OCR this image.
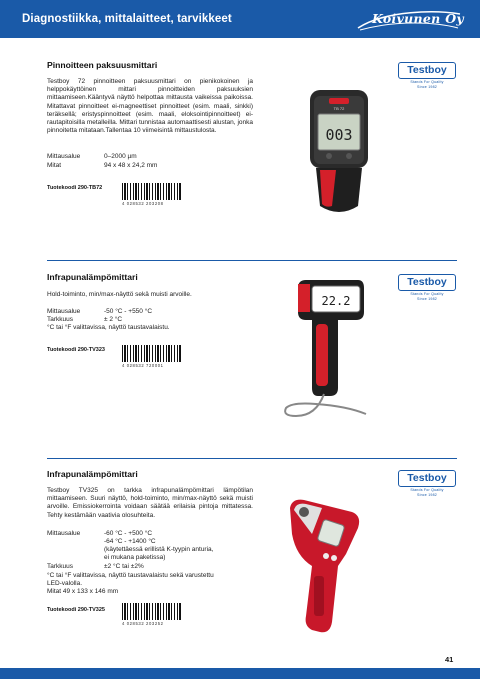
Diagnostiikka, mittalaitteet, tarvikkeet	Koivunen Oy
Pinnoitteen paksuusmittari
Testboy 72 pinnoitteen paksuusmittari on pienikokoinen ja helppokäyttöinen mittari pinnoitteiden paksuuksien mittaamiseen.Kääntyvä näyttö helpottaa mittausta vaikeissa paikoissa. Mitattavat pinnoitteet ei-magneettiset pinnoitteet (esim. maali, sinkki) teräksellä; eristyspinnoitteet (esim. maali, eloksointipinnoitteet) ei-rautapitoisilla metalleilla. Mittari tunnistaa automaattisesti alustan, jonka pinnoitetta mitataan.Tallentaa 10 viimeisintä mittaustulosta.
Mittausalue	0–2000 µm
Mitat	94 x 48 x 24,2 mm
Tuotekoodi 290-TB72
4 028532 203208
003
TB 72
Testboy
Stands For Quality
Since 1982
Infrapunalämpömittari
Hold-toiminto, min/max-näyttö sekä muisti arvoille.
Mittausalue	-50 °C - +550 °C
Tarkkuus	± 2 °C
°C tai °F valittavissa, näyttö taustavalaistu.
Tuotekoodi 290-TV323
4 028532 720001
22.2
Testboy
Stands For Quality
Since 1982
Infrapunalämpömittari
Testboy TV325 on tarkka infrapunalämpömittari lämpötilan mittaamiseen. Suuri näyttö, hold-toiminto, min/max-näyttö sekä muisti arvoille. Emissiokerrointa voidaan säätää erilaisia pintoja mittatessa. Tehty kestämään vaativia olosuhteita.
Mittausalue	-60 °C - +500 °C
-64 °C - +1400 °C
(käytettäessä erillistä K-tyypin anturia,
ei mukana paketissa)
Tarkkuus	±2 °C tai ±2%
°C tai °F valittavissa, näyttö taustavalaistu sekä varustettu
LED-valolla.
Mitat 49 x 133 x 146 mm
Tuotekoodi 290-TV325
4 028532 203252
Testboy
Stands For Quality
Since 1982
41
